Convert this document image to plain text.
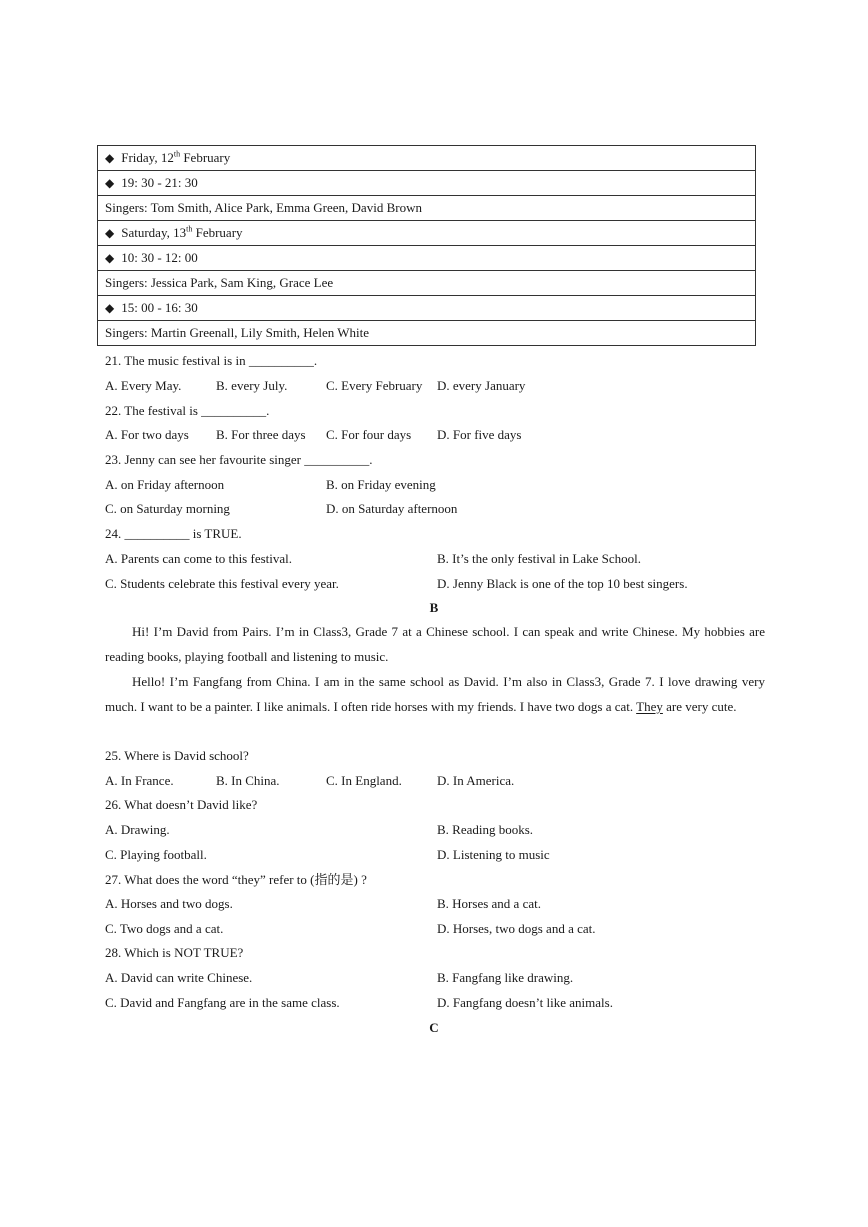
◆ Friday, 12th February
◆ 19: 30 - 21: 30
Singers: Tom Smith, Alice Park, Emma Green, David Brown
◆ Saturday, 13th February
◆ 10: 30 - 12: 00
Singers: Jessica Park, Sam King, Grace Lee
◆ 15: 00 - 16: 30
Singers: Martin Greenall, Lily Smith, Helen White
21. The music festival is in __________.
A. Every May.	B. every July.	C. Every February D. every January
22. The festival is __________.
A. For two days B. For three days C. For four days D. For five days
23. Jenny can see her favourite singer __________.
A. on Friday afternoon	B. on Friday evening
C. on Saturday morning	D. on Saturday afternoon
24. __________ is TRUE.
A. Parents can come to this festival.	B. It’s the only festival in Lake School.
C. Students celebrate this festival every year.	D. Jenny Black is one of the top 10 best singers.
B
Hi! I’m David from Pairs. I’m in Class3, Grade 7 at a Chinese school. I can speak and write Chinese. My hobbies are reading books, playing football and listening to music.
Hello! I’m Fangfang from China. I am in the same school as David. I’m also in Class3, Grade 7. I love drawing very much. I want to be a painter. I like animals. I often ride horses with my friends. I have two dogs a cat. They are very cute.
25. Where is David school?
A. In France.	B. In China.	C. In England.	D. In America.
26. What doesn’t David like?
A. Drawing.	B. Reading books.
C. Playing football.	D. Listening to music
27. What does the word “they” refer to (指的是) ?
A. Horses and two dogs.	B. Horses and a cat.
C. Two dogs and a cat.	D. Horses, two dogs and a cat.
28. Which is NOT TRUE?
A. David can write Chinese.	B. Fangfang like drawing.
C. David and Fangfang are in the same class.	D. Fangfang doesn’t like animals.
C
